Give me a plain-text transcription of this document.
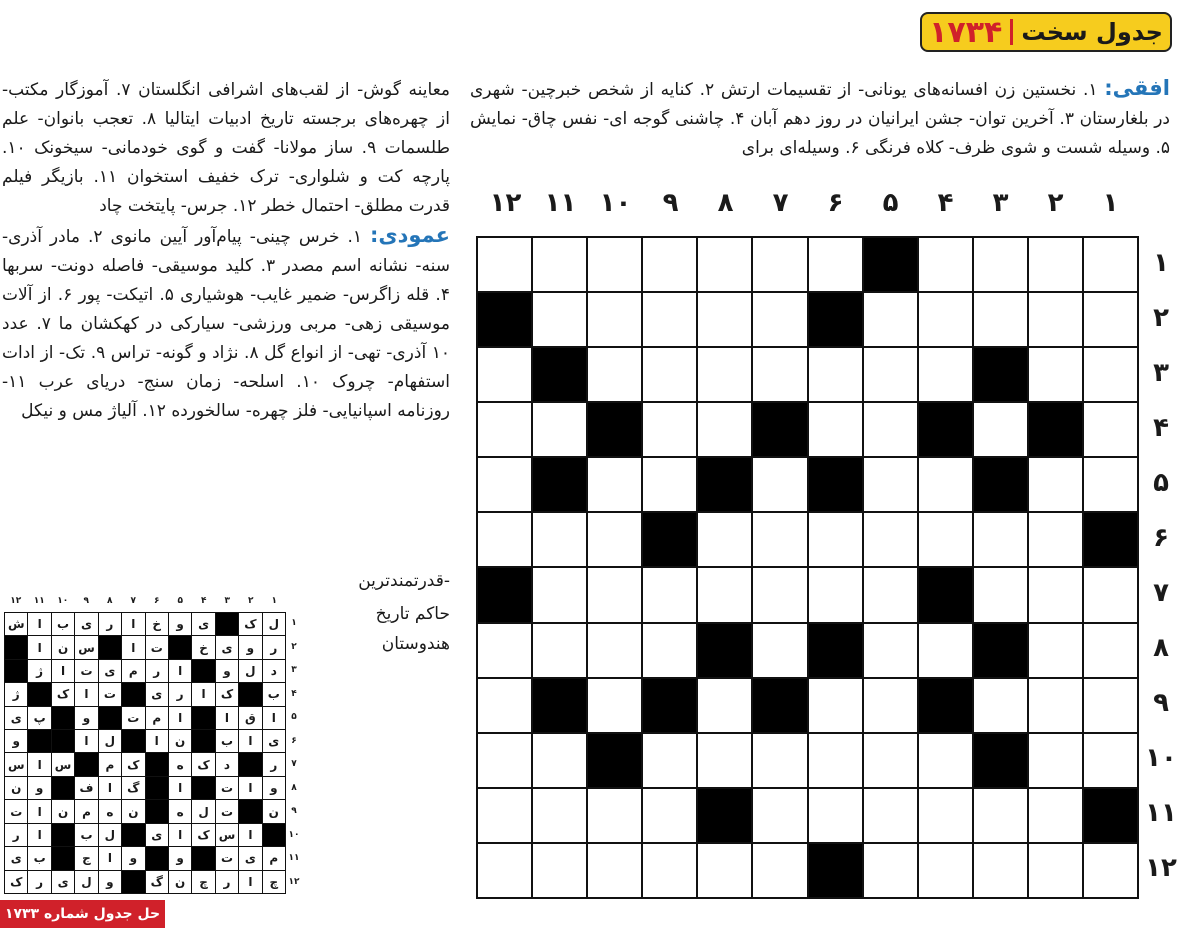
جدول سخت
۱۷۳۴
افقی: ۱. نخستین زن افسانه‌های یونانی- از تقسیمات ارتش ۲. کنایه از شخص خبرچین- شهری در بلغارستان ۳. آخرین توان- جشن ایرانیان در روز دهم آبان ۴. چاشنی گوجه ای- نفس چاق- نمایش ۵. وسیله شست و شوی ظرف- کلاه فرنگی ۶. وسیله‌ای برای
معاینه گوش- از لقب‌های اشرافی انگلستان ۷. آموزگار مکتب- از چهره‌های برجسته تاریخ ادبیات ایتالیا ۸. تعجب بانوان- علم طلسمات ۹. ساز مولانا- گفت و گوی خودمانی- سیخونک ۱۰. پارچه کت و شلواری- ترک خفیف استخوان ۱۱. بازیگر فیلم قدرت مطلق- احتمال خطر ۱۲. جرس- پایتخت چاد
عمودی: ۱. خرس چینی- پیام‌آور آیین مانوی ۲. مادر آذری- سنه- نشانه اسم مصدر ۳. کلید موسیقی- فاصله دونت- سربها ۴. قله زاگرس- ضمیر غایب- هوشیاری ۵. اتیکت- پور ۶. از آلات موسیقی زهی- مربی ورزشی- سیارکی در کهکشان ما ۷. عدد ۱۰ آذری- تهی- از انواع گل ۸. نژاد و گونه- تراس ۹. تک- از ادات استفهام- چروک ۱۰. اسلحه- زمان سنج- دریای عرب ۱۱- روزنامه اسپانیایی- فلز چهره- سالخورده ۱۲. آلیاژ مس و نیکل
-قدرتمندترین
حاکم تاریخ
هندوستان
۱
۲
۳
۴
۵
۶
۷
۸
۹
۱۰
۱۱
۱۲
۱
۲
۳
۴
۵
۶
۷
۸
۹
۱۰
۱۱
۱۲
۱
۲
۳
۴
۵
۶
۷
۸
۹
۱۰
۱۱
۱۲
۱
۲
۳
۴
۵
۶
۷
۸
۹
۱۰
۱۱
۱۲
ل
ک
ی
و
خ
ا
ر
ی
ب
ا
ش
ر
و
ی
خ
ت
ا
س
ن
ا
د
ل
و
ا
ر
م
ی
ت
ا
ژ
ب
ک
ا
ر
ی
ت
ا
ک
ژ
ا
ق
ا
ا
م
ت
و
پ
ی
ی
ا
ب
ن
ا
ل
ا
و
ر
د
ک
ه
ک
م
س
ا
س
و
ا
ت
ا
گ
ا
ف
و
ن
ن
ت
ل
ه
ن
ه
م
ن
ا
ت
ا
س
ک
ا
ی
ل
ب
ا
ر
م
ی
ت
و
و
ا
ج
ب
ی
چ
ا
ر
چ
ن
گ
و
ل
ی
ر
ک
حل جدول شماره ۱۷۳۳
